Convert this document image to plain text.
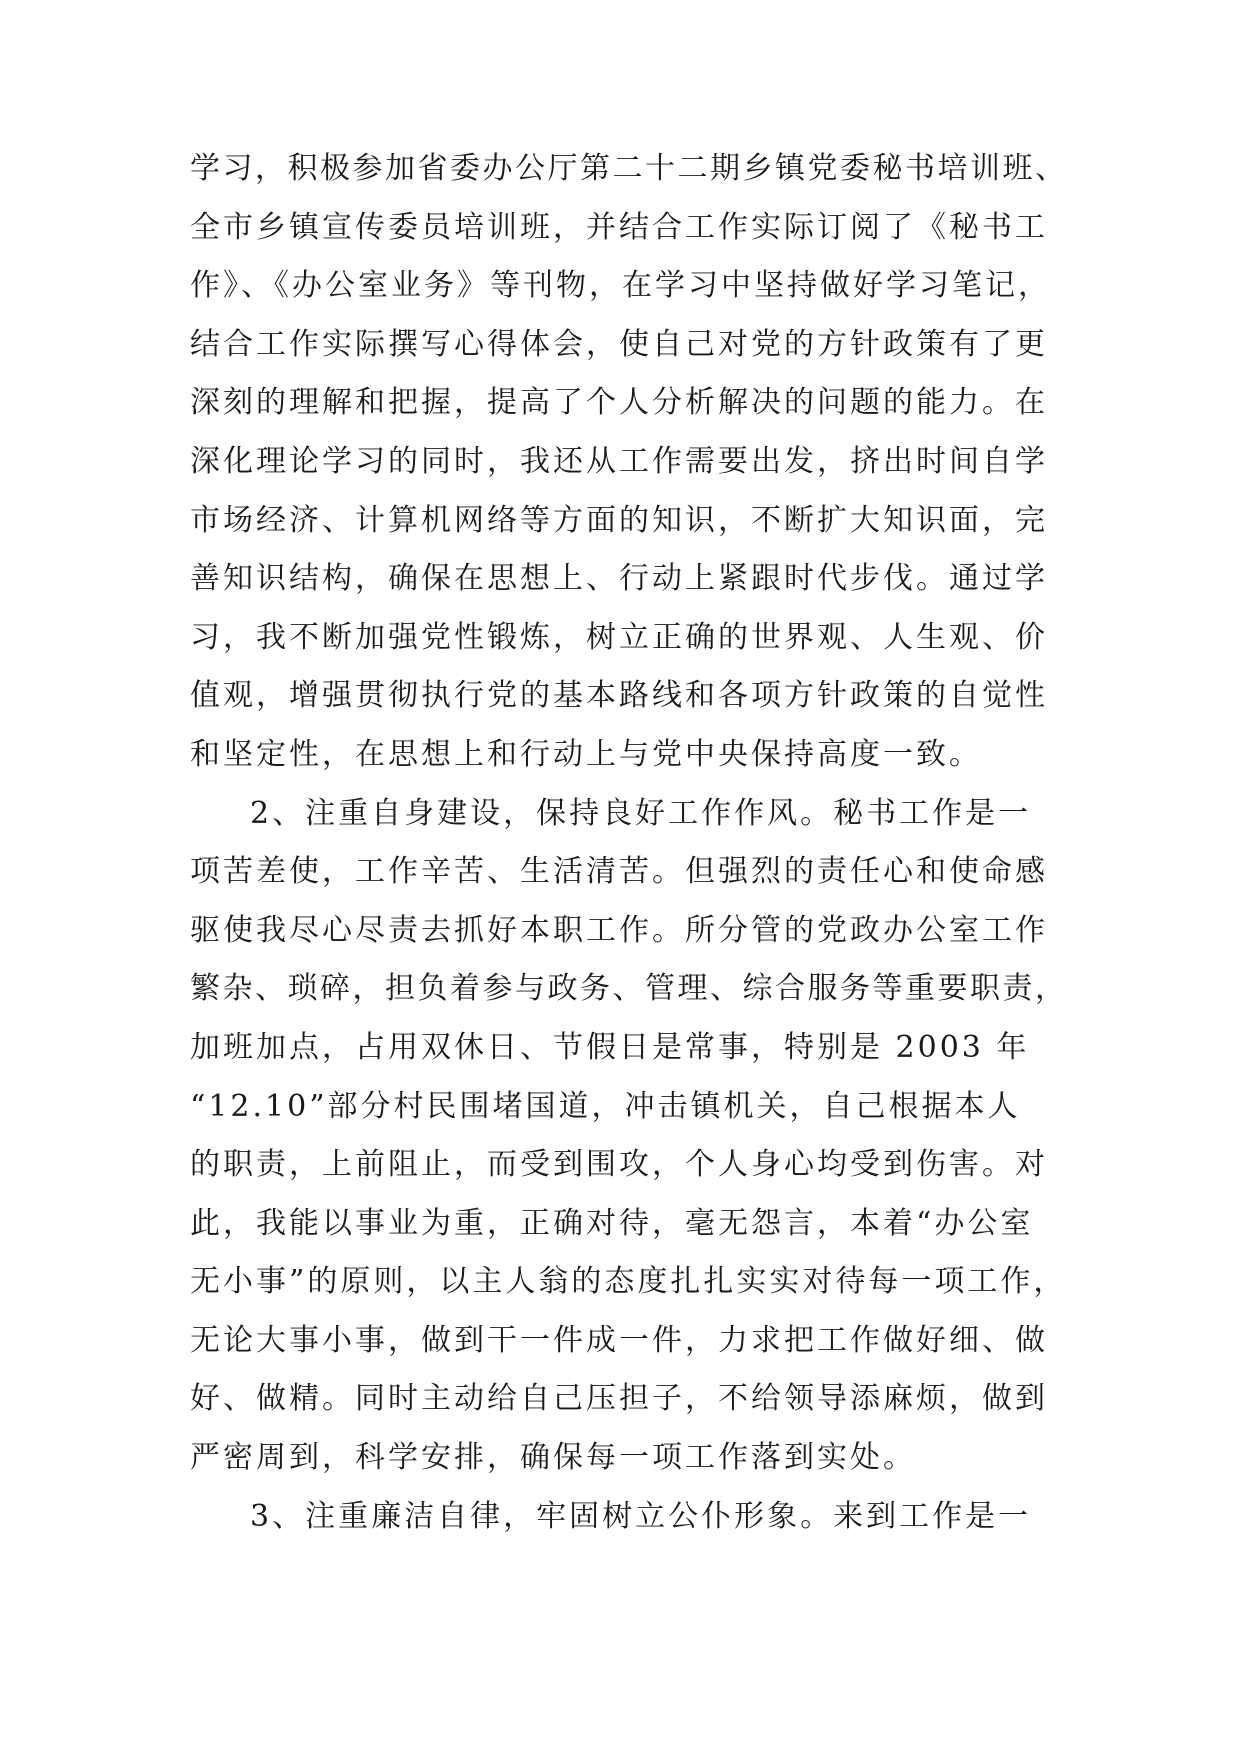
学习，积极参加省委办公厅第二十二期乡镇党委秘书培训班、
全市乡镇宣传委员培训班，并结合工作实际订阅了《秘书工
作》、《办公室业务》等刊物，在学习中坚持做好学习笔记，
结合工作实际撰写心得体会，使自己对党的方针政策有了更
深刻的理解和把握，提高了个人分析解决的问题的能力。在
深化理论学习的同时，我还从工作需要出发，挤出时间自学
市场经济、计算机网络等方面的知识，不断扩大知识面，完
善知识结构，确保在思想上、行动上紧跟时代步伐。通过学
习，我不断加强党性锻炼，树立正确的世界观、人生观、价
值观，增强贯彻执行党的基本路线和各项方针政策的自觉性
和坚定性，在思想上和行动上与党中央保持高度一致。
2、注重自身建设，保持良好工作作风。秘书工作是一
项苦差使，工作辛苦、生活清苦。但强烈的责任心和使命感
驱使我尽心尽责去抓好本职工作。所分管的党政办公室工作
繁杂、琐碎，担负着参与政务、管理、综合服务等重要职责，
加班加点，占用双休日、节假日是常事，特别是 2003 年
“12.10”部分村民围堵国道，冲击镇机关，自己根据本人
的职责，上前阻止，而受到围攻，个人身心均受到伤害。对
此，我能以事业为重，正确对待，毫无怨言，本着“办公室
无小事”的原则，以主人翁的态度扎扎实实对待每一项工作，
无论大事小事，做到干一件成一件，力求把工作做好细、做
好、做精。同时主动给自己压担子，不给领导添麻烦，做到
严密周到，科学安排，确保每一项工作落到实处。
3、注重廉洁自律，牢固树立公仆形象。来到工作是一
